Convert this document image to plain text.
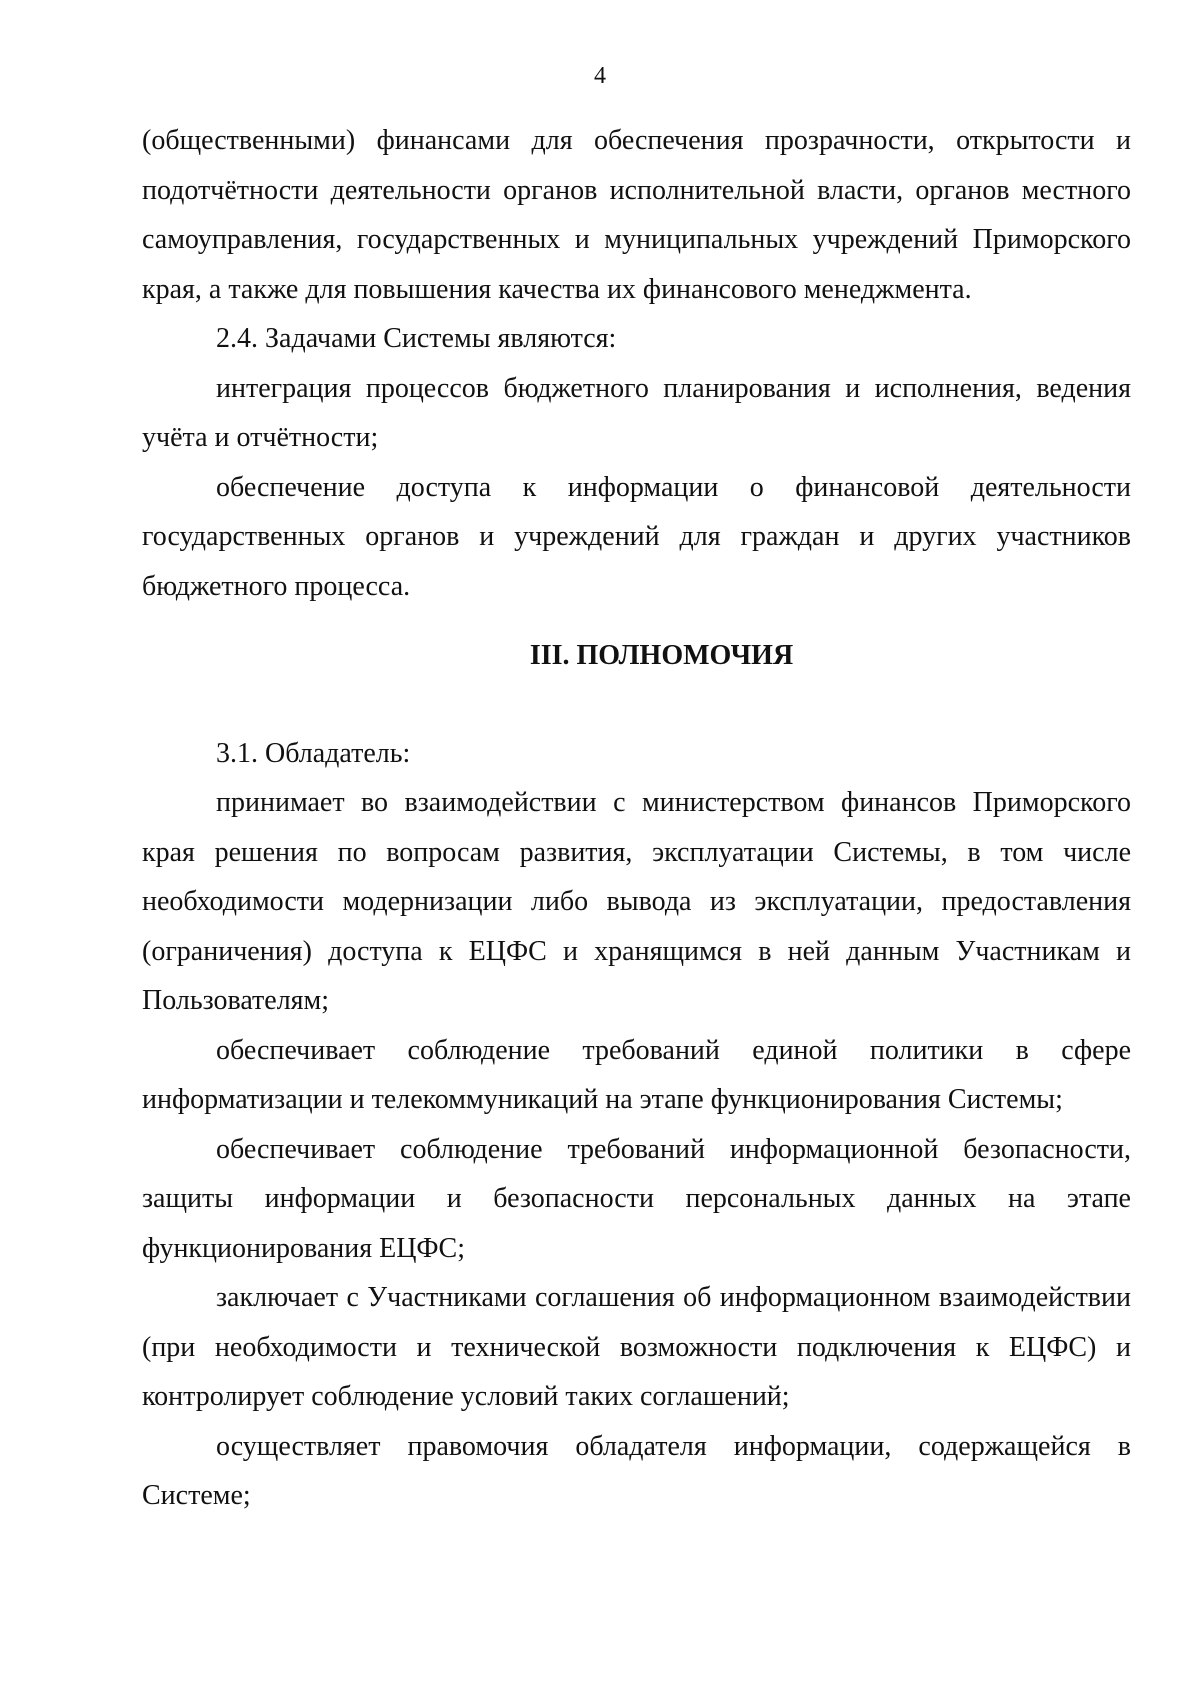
4

(общественными) финансами для обеспечения прозрачности, открытости и подотчётности деятельности органов исполнительной власти, органов местного самоуправления, государственных и муниципальных учреждений Приморского края, а также для повышения качества их финансового менеджмента.

2.4. Задачами Системы являются:

интеграция процессов бюджетного планирования и исполнения, ведения учёта и отчётности;

обеспечение доступа к информации о финансовой деятельности государственных органов и учреждений для граждан и других участников бюджетного процесса.

III. ПОЛНОМОЧИЯ

3.1. Обладатель:

принимает во взаимодействии с министерством финансов Приморского края решения по вопросам развития, эксплуатации Системы, в том числе необходимости модернизации либо вывода из эксплуатации, предоставления (ограничения) доступа к ЕЦФС и хранящимся в ней данным Участникам и Пользователям;

обеспечивает соблюдение требований единой политики в сфере информатизации и телекоммуникаций на этапе функционирования Системы;

обеспечивает соблюдение требований информационной безопасности, защиты информации и безопасности персональных данных на этапе функционирования ЕЦФС;

заключает с Участниками соглашения об информационном взаимодействии (при необходимости и технической возможности подключения к ЕЦФС) и контролирует соблюдение условий таких соглашений;

осуществляет правомочия обладателя информации, содержащейся в Системе;
